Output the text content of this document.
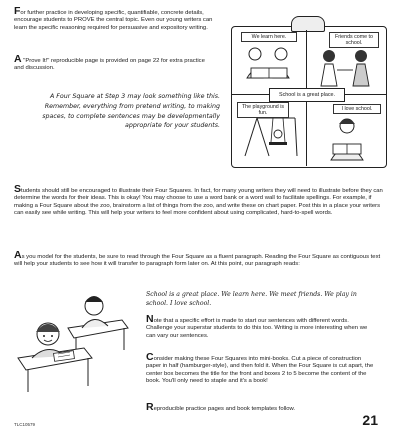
For further practice in developing specific, quantifiable, concrete details, encourage students to PROVE the central topic. Even our young writers can learn the specific reasoning required for persuasive and expository writing.

A "Prove It!" reproducible page is provided on page 22 for extra practice and discussion.

A Four Square at Step 3 may look something like this. Remember, everything from pretend writing, to making spaces, to complete sentences may be developmentally appropriate for your students.

We learn here.	Friends come to school.
School is a great place.
The playground is fun.
I love school.

Students should still be encouraged to illustrate their Four Squares. In fact, for many young writers they will need to illustrate before they can determine the words for their ideas. This is okay! You may choose to use a word bank or a word wall to facilitate spellings. For example, if making a Four Square about the zoo, brainstorm a list of things from the zoo, and write these on chart paper. Post this in a place your writers can easily see while writing. This will help your writers to feel more confident about using complicated, hard-to-spell words.

As you model for the students, be sure to read through the Four Square as a fluent paragraph. Reading the Four Square as contiguous text will help your students to see how it will transfer to paragraph form later on. At this point, our paragraph reads:

School is a great place. We learn here. We meet friends. We play in school. I love school.

Note that a specific effort is made to start our sentences with different words. Challenge your superstar students to do this too. Writing is more interesting when we can vary our sentences.

Consider making these Four Squares into mini-books. Cut a piece of construction paper in half (hamburger-style), and then fold it. When the Four Square is cut apart, the center box becomes the title for the front and boxes 2 to 5 become the content of the book. You'll only need to staple and it's a book!

Reproducible practice pages and book templates follow.

TLC10579	21
